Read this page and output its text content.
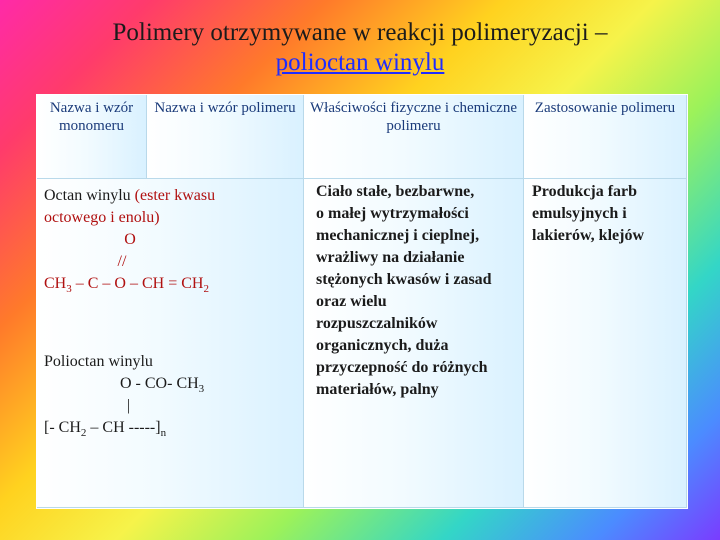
Polimery otrzymywane w reakcji polimeryzacji –
polioctan winylu
Nazwa i wzór monomeru
Nazwa i wzór polimeru Właściwości fizyczne i chemiczne polimeru
Zastosowanie polimeru
Octan winylu (ester kwasu
octowego i enolu)
O
//
$CH_3$ – C – O – CH = $CH_2$
Polioctan winylu
O - CO- $CH_3$
|
[- $CH_2$ – CH $-----]_n$
Ciało stałe, bezbarwne,
o małej wytrzymałości
mechanicznej i cieplnej,
wrażliwy na działanie
stężonych kwasów i zasad
oraz wielu
rozpuszczalników
organicznych, duża
przyczepność do różnych
materiałów, palny
Produkcja farb
emulsyjnych i
lakierów, klejów
